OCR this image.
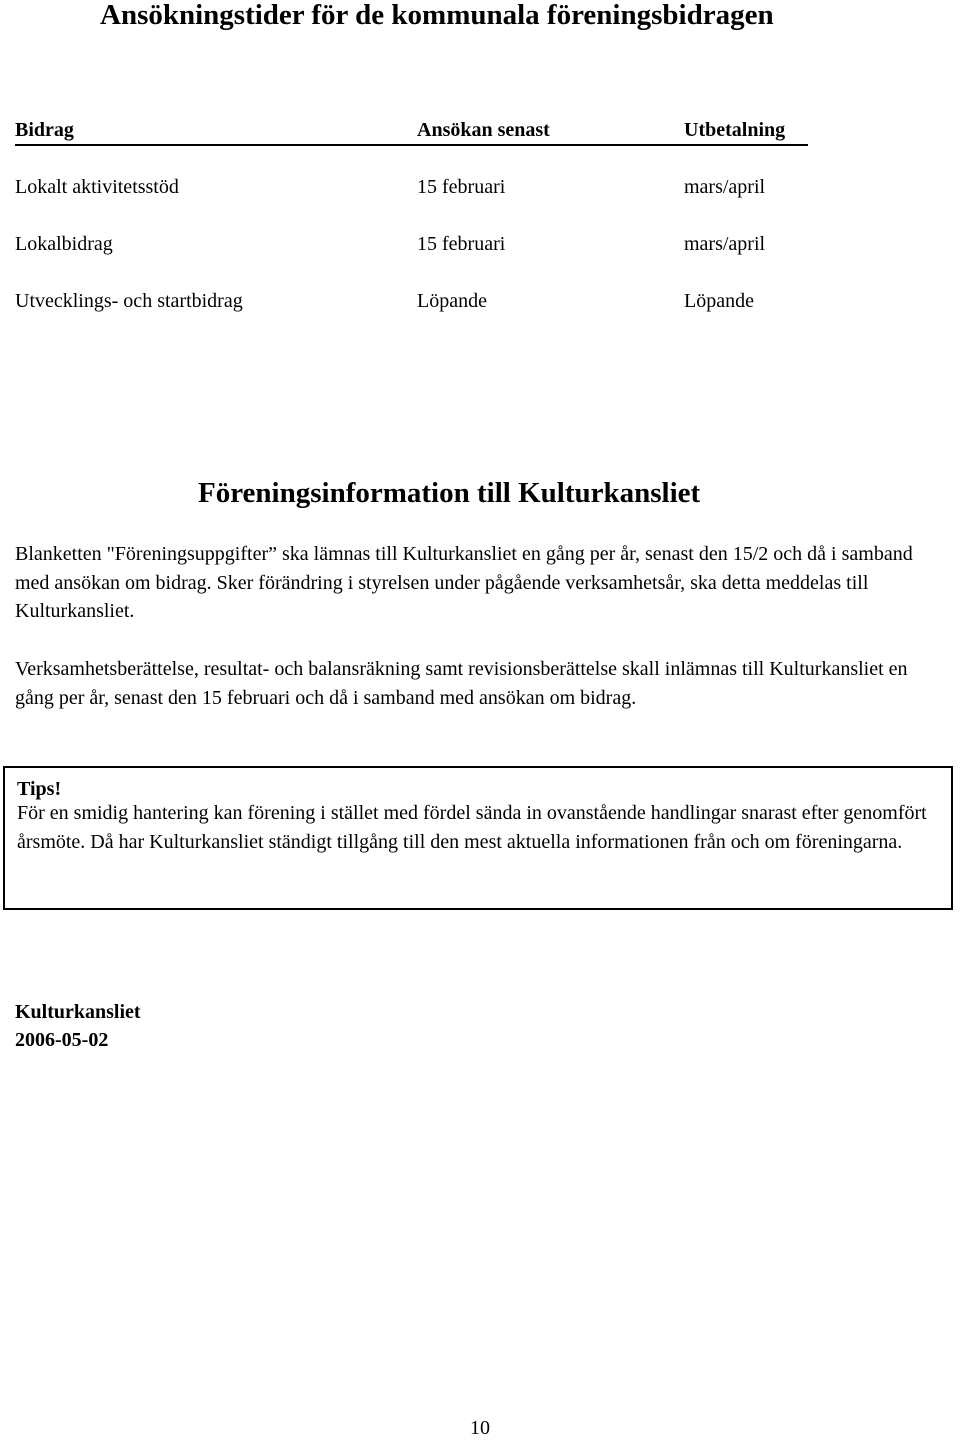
Ansökningstider för de kommunala föreningsbidragen
Bidrag	Ansökan senast	Utbetalning
Lokalt aktivitetsstöd	15 februari	mars/april
Lokalbidrag	15 februari	mars/april
Utvecklings- och startbidrag	Löpande	Löpande
Föreningsinformation till Kulturkansliet

Blanketten "Föreningsuppgifter” ska lämnas till Kulturkansliet en gång per år, senast den 15/2 och då i samband med ansökan om bidrag. Sker förändring i styrelsen under pågående verksamhetsår, ska detta meddelas till Kulturkansliet.

Verksamhetsberättelse, resultat- och balansräkning samt revisionsberättelse skall inlämnas till Kulturkansliet en gång per år, senast den 15 februari och då i samband med ansökan om bidrag.

Tips!

För en smidig hantering kan förening i stället med fördel sända in ovanstående handlingar snarast efter genomfört årsmöte. Då har Kulturkansliet ständigt tillgång till den mest aktuella informationen från och om föreningarna.

Kulturkansliet
2006-05-02
10
